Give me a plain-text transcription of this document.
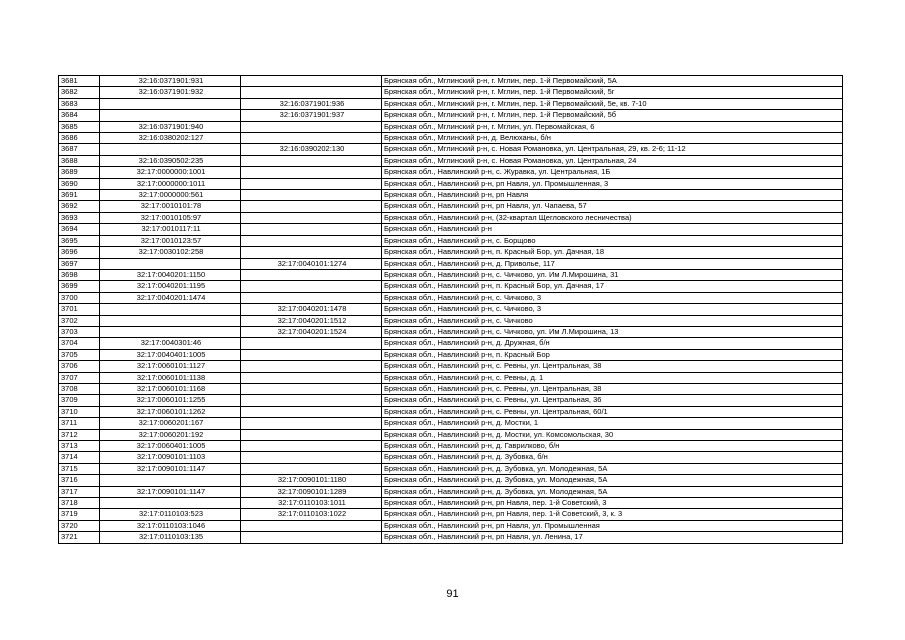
3681	32:16:0371901:931		Брянская обл., Мглинский р-н, г. Мглин, пер. 1-й Первомайский, 5А
3682	32:16:0371901:932		Брянская обл., Мглинский р-н, г. Мглин, пер. 1-й Первомайский, 5г
3683		32:16:0371901:936	Брянская обл., Мглинский р-н, г. Мглин, пер. 1-й Первомайский, 5е, кв. 7-10
3684		32:16:0371901:937	Брянская обл., Мглинский р-н, г. Мглин, пер. 1-й Первомайский, 5б
3685	32:16:0371901:940		Брянская обл., Мглинский р-н, г. Мглин, ул. Первомайская, 6
3686	32:16:0380202:127		Брянская обл., Мглинский р-н, д. Велюханы, б/н
3687		32:16:0390202:130	Брянская обл., Мглинский р-н, с. Новая Романовка, ул. Центральная, 29, кв. 2-6; 11-12
3688	32:16:0390502:235		Брянская обл., Мглинский р-н, с. Новая Романовка, ул. Центральная, 24
3689	32:17:0000000:1001		Брянская обл., Навлинский р-н, с. Журавка, ул. Центральная, 1Б
3690	32:17:0000000:1011		Брянская обл., Навлинский р-н, рп Навля, ул. Промышленная, 3
3691	32:17:0000000:561		Брянская обл., Навлинский р-н, рп Навля
3692	32:17:0010101:78		Брянская обл., Навлинский р-н, рп Навля, ул. Чапаева, 57
3693	32:17:0010105:97		Брянская обл., Навлинский р-н, (32-квартал Щегловского лесничества)
3694	32:17:0010117:11		Брянская обл., Навлинский р-н
3695	32:17:0010123:57		Брянская обл., Навлинский р-н, с. Борщово
3696	32:17:0030102:258		Брянская обл., Навлинский р-н, п. Красный Бор, ул. Дачная, 18
3697		32:17:0040101:1274	Брянская обл., Навлинский р-н, д. Приволье, 117
3698	32:17:0040201:1150		Брянская обл., Навлинский р-н, с. Чичково, ул. Им Л.Мирошина, 31
3699	32:17:0040201:1195		Брянская обл., Навлинский р-н, п. Красный Бор, ул. Дачная, 17
3700	32:17:0040201:1474		Брянская обл., Навлинский р-н, с. Чичково, 3
3701		32:17:0040201:1478	Брянская обл., Навлинский р-н, с. Чичково, 3
3702		32:17:0040201:1512	Брянская обл., Навлинский р-н, с. Чичково
3703		32:17:0040201:1524	Брянская обл., Навлинский р-н, с. Чичково, ул. Им Л.Мирошина, 13
3704	32:17:0040301:46		Брянская обл., Навлинский р-н, д. Дружная, б/н
3705	32:17:0040401:1005		Брянская обл., Навлинский р-н, п. Красный Бор
3706	32:17:0060101:1127		Брянская обл., Навлинский р-н, с. Ревны, ул. Центральная, 38
3707	32:17:0060101:1138		Брянская обл., Навлинский р-н, с. Ревны, д. 1
3708	32:17:0060101:1168		Брянская обл., Навлинский р-н, с. Ревны, ул. Центральная, 38
3709	32:17:0060101:1255		Брянская обл., Навлинский р-н, с. Ревны, ул. Центральная, 36
3710	32:17:0060101:1262		Брянская обл., Навлинский р-н, с. Ревны, ул. Центральная, 60/1
3711	32:17:0060201:167		Брянская обл., Навлинский р-н, д. Мостки, 1
3712	32:17:0060201:192		Брянская обл., Навлинский р-н, д. Мостки, ул. Комсомольская, 30
3713	32:17:0060401:1005		Брянская обл., Навлинский р-н, д. Гаврилково, б/н
3714	32:17:0090101:1103		Брянская обл., Навлинский р-н, д. Зубовка, б/н
3715	32:17:0090101:1147		Брянская обл., Навлинский р-н, д. Зубовка, ул. Молодежная, 5А
3716		32:17:0090101:1180	Брянская обл., Навлинский р-н, д. Зубовка, ул. Молодежная, 5А
3717	32:17:0090101:1147	32:17:0090101:1289	Брянская обл., Навлинский р-н, д. Зубовка, ул. Молодежная, 5А
3718		32:17:0110103:1011	Брянская обл., Навлинский р-н, рп Навля, пер. 1-й Советский, 3
3719	32:17:0110103:523	32:17:0110103:1022	Брянская обл., Навлинский р-н, рп Навля, пер. 1-й Советский, 3, к. 3
3720	32:17:0110103:1046		Брянская обл., Навлинский р-н, рп Навля, ул. Промышленная
3721	32:17:0110103:135		Брянская обл., Навлинский р-н, рп Навля, ул. Ленина, 17
91
